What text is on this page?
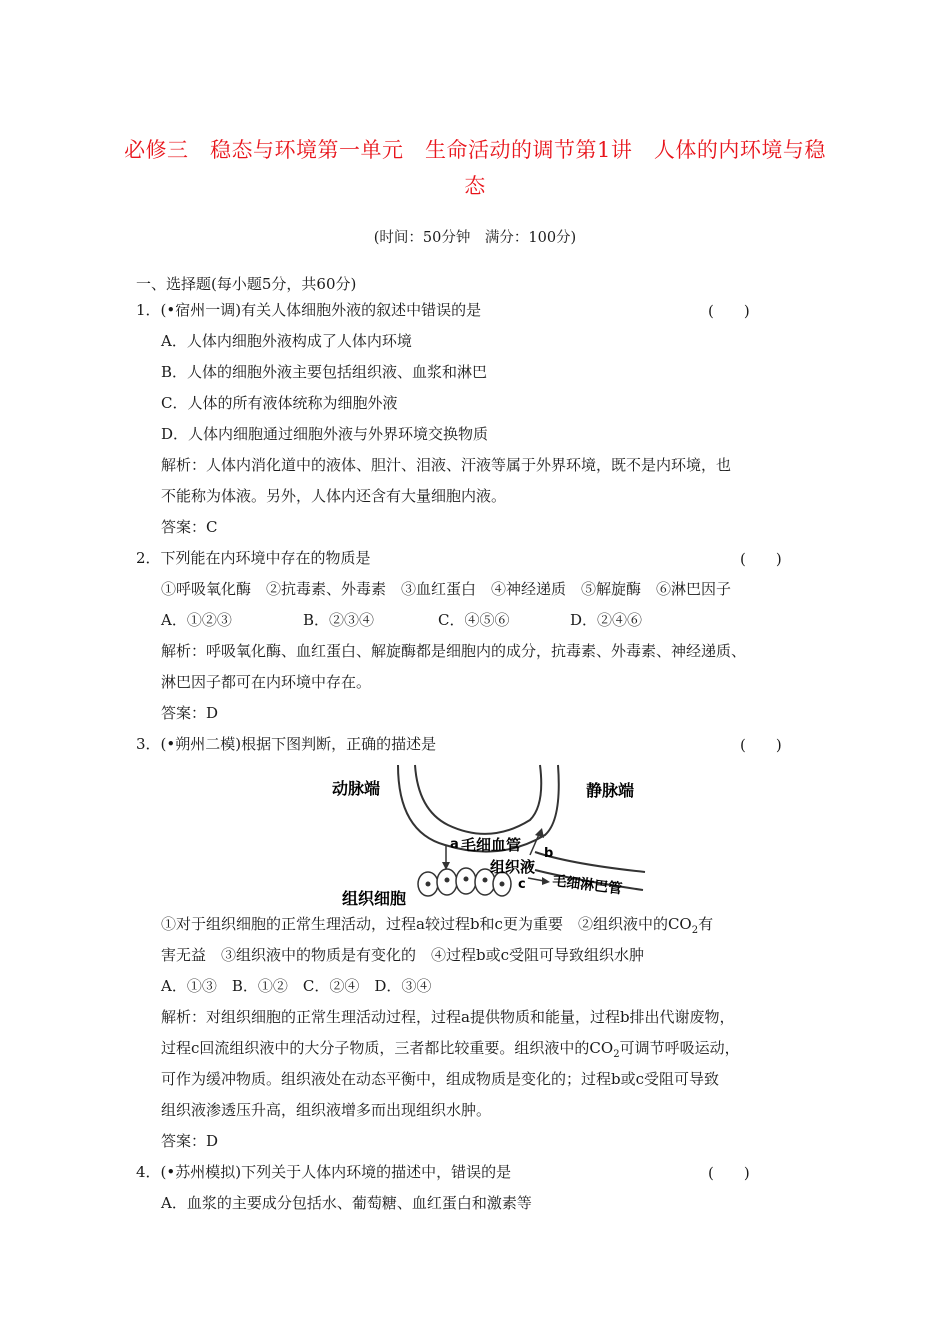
必修三　稳态与环境第一单元　生命活动的调节第1讲　人体的内环境与稳态
(时间：50分钟　满分：100分)
一、选择题(每小题5分，共60分)
1．(•宿州一调)有关人体细胞外液的叙述中错误的是	(　　)
A．人体内细胞外液构成了人体内环境
B．人体的细胞外液主要包括组织液、血浆和淋巴
C．人体的所有液体统称为细胞外液
D．人体内细胞通过细胞外液与外界环境交换物质
解析：人体内消化道中的液体、胆汁、泪液、汗液等属于外界环境，既不是内环境，也
不能称为体液。另外，人体内还含有大量细胞内液。
答案：C
2．下列能在内环境中存在的物质是	(　　)
①呼吸氧化酶　②抗毒素、外毒素　③血红蛋白　④神经递质　⑤解旋酶　⑥淋巴因子
A．①②③	B．②③④	C．④⑤⑥	D．②④⑥
解析：呼吸氧化酶、血红蛋白、解旋酶都是细胞内的成分，抗毒素、外毒素、神经递质、
淋巴因子都可在内环境中存在。
答案：D
3．(•朔州二模)根据下图判断，正确的描述是	(　　)
动脉端	静脉端
a 毛细血管 b
组织液
c 毛细淋巴管
组织细胞
①对于组织细胞的正常生理活动，过程a较过程b和c更为重要　②组织液中的$CO_2$有
害无益　③组织液中的物质是有变化的　④过程b或c受阻可导致组织水肿
A．①③　B．①②　C．②④　D．③④
解析：对组织细胞的正常生理活动过程，过程a提供物质和能量，过程b排出代谢废物，
过程c回流组织液中的大分子物质，三者都比较重要。组织液中的$CO_2$可调节呼吸运动，
可作为缓冲物质。组织液处在动态平衡中，组成物质是变化的；过程b或c受阻可导致
组织液渗透压升高，组织液增多而出现组织水肿。
答案：D
4．(•苏州模拟)下列关于人体内环境的描述中，错误的是	(　　)
A．血浆的主要成分包括水、葡萄糖、血红蛋白和激素等
